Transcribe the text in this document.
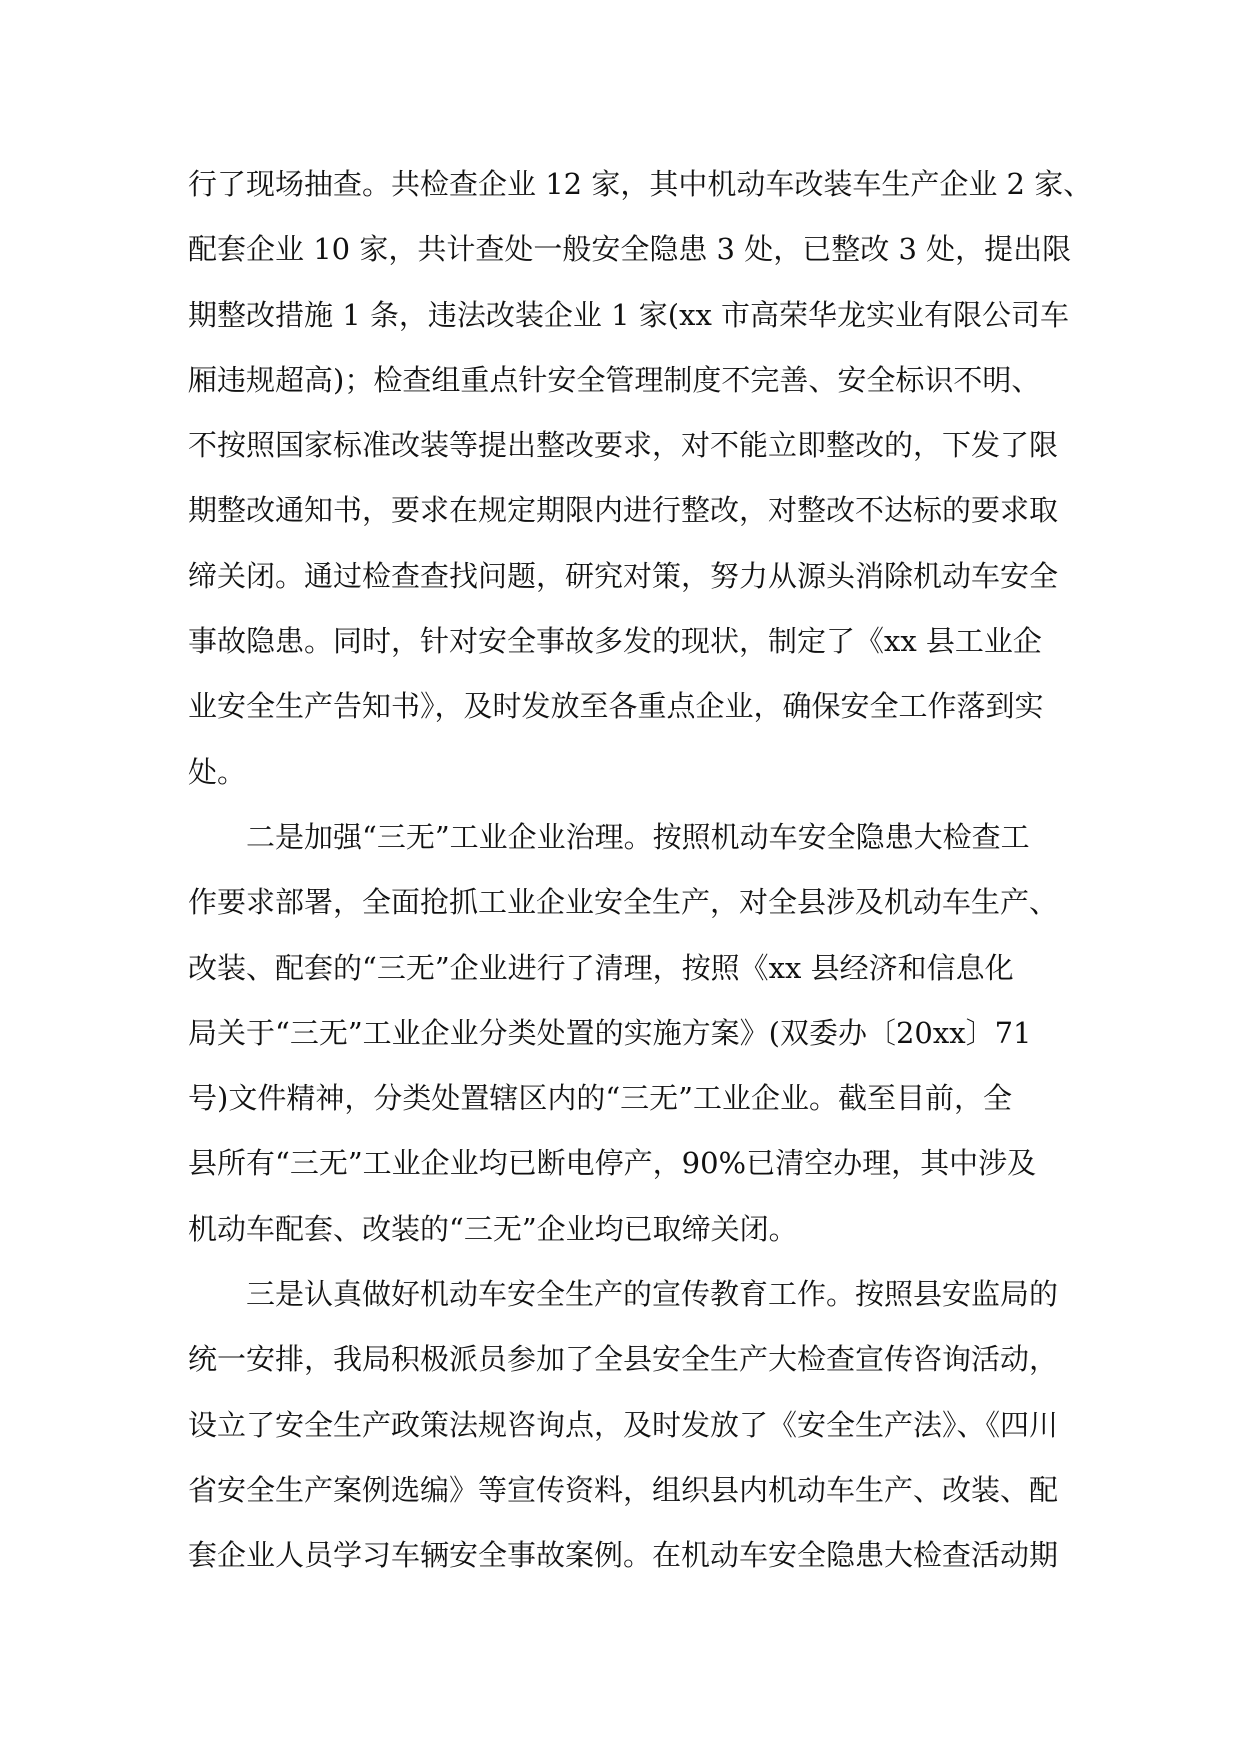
行了现场抽查。共检查企业 12 家，其中机动车改装车生产企业 2 家、
配套企业 10 家，共计查处一般安全隐患 3 处，已整改 3 处，提出限
期整改措施 1 条，违法改装企业 1 家(xx 市高荣华龙实业有限公司车
厢违规超高)；检查组重点针安全管理制度不完善、安全标识不明、
不按照国家标准改装等提出整改要求，对不能立即整改的，下发了限
期整改通知书，要求在规定期限内进行整改，对整改不达标的要求取
缔关闭。通过检查查找问题，研究对策，努力从源头消除机动车安全
事故隐患。同时，针对安全事故多发的现状，制定了《xx 县工业企
业安全生产告知书》，及时发放至各重点企业，确保安全工作落到实
处。
　　二是加强“三无”工业企业治理。按照机动车安全隐患大检查工
作要求部署，全面抢抓工业企业安全生产，对全县涉及机动车生产、
改装、配套的“三无”企业进行了清理，按照《xx 县经济和信息化
局关于“三无”工业企业分类处置的实施方案》(双委办〔20xx〕71
号)文件精神，分类处置辖区内的“三无”工业企业。截至目前，全
县所有“三无”工业企业均已断电停产，90%已清空办理，其中涉及
机动车配套、改装的“三无”企业均已取缔关闭。
　　三是认真做好机动车安全生产的宣传教育工作。按照县安监局的
统一安排，我局积极派员参加了全县安全生产大检查宣传咨询活动，
设立了安全生产政策法规咨询点，及时发放了《安全生产法》、《四川
省安全生产案例选编》等宣传资料，组织县内机动车生产、改装、配
套企业人员学习车辆安全事故案例。在机动车安全隐患大检查活动期
